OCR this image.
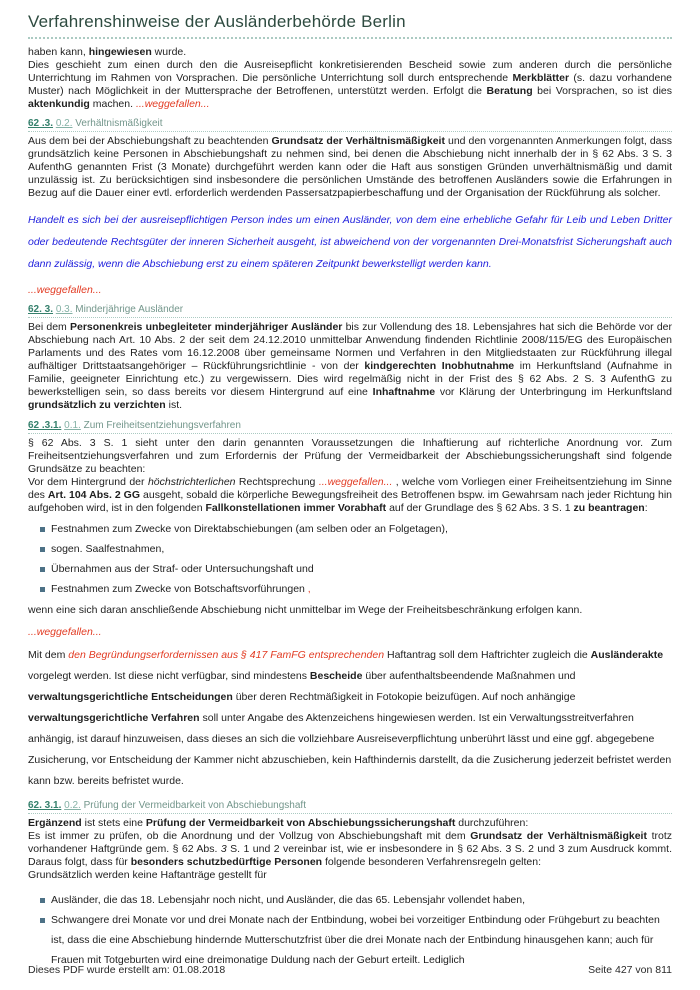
Verfahrenshinweise der Ausländerbehörde Berlin

haben kann, hingewiesen wurde.

Dies geschieht zum einen durch den die Ausreisepflicht konkretisierenden Bescheid sowie zum anderen durch die persönliche Unterrichtung im Rahmen von Vorsprachen. Die persönliche Unterrichtung soll durch entsprechende Merkblätter (s. dazu vorhandene Muster) nach Möglichkeit in der Muttersprache der Betroffenen, unterstützt werden. Erfolgt die Beratung bei Vorsprachen, so ist dies aktenkundig machen. ...weggefallen...

62 .3. 0.2. Verhältnismäßigkeit

Aus dem bei der Abschiebungshaft zu beachtenden Grundsatz der Verhältnismäßigkeit und den vorgenannten Anmerkungen folgt, dass grundsätzlich keine Personen in Abschiebungshaft zu nehmen sind, bei denen die Abschiebung nicht innerhalb der in § 62 Abs. 3 S. 3 AufenthG genannten Frist (3 Monate) durchgeführt werden kann oder die Haft aus sonstigen Gründen unverhältnismäßig und damit unzulässig ist. Zu berücksichtigen sind insbesondere die persönlichen Umstände des betroffenen Ausländers sowie die Erfahrungen in Bezug auf die Dauer einer evtl. erforderlich werdenden Passersatzpapierbeschaffung und der Organisation der Rückführung als solcher.

Handelt es sich bei der ausreisepflichtigen Person indes um einen Ausländer, von dem eine erhebliche Gefahr für Leib und Leben Dritter oder bedeutende Rechtsgüter der inneren Sicherheit ausgeht, ist abweichend von der vorgenannten Drei-Monatsfrist Sicherungshaft auch dann zulässig, wenn die Abschiebung erst zu einem späteren Zeitpunkt bewerkstelligt werden kann.

...weggefallen...

62. 3. 0.3. Minderjährige Ausländer

Bei dem Personenkreis unbegleiteter minderjähriger Ausländer bis zur Vollendung des 18. Lebensjahres hat sich die Behörde vor der Abschiebung nach Art. 10 Abs. 2 der seit dem 24.12.2010 unmittelbar Anwendung findenden Richtlinie 2008/115/EG des Europäischen Parlaments und des Rates vom 16.12.2008 über gemeinsame Normen und Verfahren in den Mitgliedstaaten zur Rückführung illegal aufhältiger Drittstaatsangehöriger – Rückführungsrichtlinie - von der kindgerechten Inobhutnahme im Herkunftsland (Aufnahme in Familie, geeigneter Einrichtung etc.) zu vergewissern. Dies wird regelmäßig nicht in der Frist des § 62 Abs. 2 S. 3 AufenthG zu bewerkstelligen sein, so dass bereits vor diesem Hintergrund auf eine Inhaftnahme vor Klärung der Unterbringung im Herkunftsland grundsätzlich zu verzichten ist.

62 .3.1. 0.1. Zum Freiheitsentziehungsverfahren

§ 62 Abs. 3 S. 1 sieht unter den darin genannten Voraussetzungen die Inhaftierung auf richterliche Anordnung vor. Zum Freiheitsentziehungsverfahren und zum Erfordernis der Prüfung der Vermeidbarkeit der Abschiebungssicherungshaft sind folgende Grundsätze zu beachten:

Vor dem Hintergrund der höchstrichterlichen Rechtsprechung ...weggefallen... , welche vom Vorliegen einer Freiheitsentziehung im Sinne des Art. 104 Abs. 2 GG ausgeht, sobald die körperliche Bewegungsfreiheit des Betroffenen bspw. im Gewahrsam nach jeder Richtung hin aufgehoben wird, ist in den folgenden Fallkonstellationen immer Vorabhaft auf der Grundlage des § 62 Abs. 3 S. 1 zu beantragen:

Festnahmen zum Zwecke von Direktabschiebungen (am selben oder an Folgetagen),
sogen. Saalfestnahmen,
Übernahmen aus der Straf- oder Untersuchungshaft und
Festnahmen zum Zwecke von Botschaftsvorführungen ,

wenn eine sich daran anschließende Abschiebung nicht unmittelbar im Wege der Freiheitsbeschränkung erfolgen kann.

...weggefallen...

Mit dem den Begründungserfordernissen aus § 417 FamFG entsprechenden Haftantrag soll dem Haftrichter zugleich die Ausländerakte vorgelegt werden. Ist diese nicht verfügbar, sind mindestens Bescheide über aufenthaltsbeendende Maßnahmen und verwaltungsgerichtliche Entscheidungen über deren Rechtmäßigkeit in Fotokopie beizufügen. Auf noch anhängige verwaltungsgerichtliche Verfahren soll unter Angabe des Aktenzeichens hingewiesen werden. Ist ein Verwaltungsstreitverfahren anhängig, ist darauf hinzuweisen, dass dieses an sich die vollziehbare Ausreiseverpflichtung unberührt lässt und eine ggf. abgegebene Zusicherung, vor Entscheidung der Kammer nicht abzuschieben, kein Hafthindernis darstellt, da die Zusicherung jederzeit befristet werden kann bzw. bereits befristet wurde.

62. 3.1. 0.2. Prüfung der Vermeidbarkeit von Abschiebungshaft

Ergänzend ist stets eine Prüfung der Vermeidbarkeit von Abschiebungssicherungshaft durchzuführen:

Es ist immer zu prüfen, ob die Anordnung und der Vollzug von Abschiebungshaft mit dem Grundsatz der Verhältnismäßigkeit trotz vorhandener Haftgründe gem. § 62 Abs. 3 S. 1 und 2 vereinbar ist, wie er insbesondere in § 62 Abs. 3 S. 2 und 3 zum Ausdruck kommt. Daraus folgt, dass für besonders schutzbedürftige Personen folgende besonderen Verfahrensregeln gelten:

Grundsätzlich werden keine Haftanträge gestellt für

Ausländer, die das 18. Lebensjahr noch nicht, und Ausländer, die das 65. Lebensjahr vollendet haben,
Schwangere drei Monate vor und drei Monate nach der Entbindung, wobei bei vorzeitiger Entbindung oder Frühgeburt zu beachten ist, dass die eine Abschiebung hindernde Mutterschutzfrist über die drei Monate nach der Entbindung hinausgehen kann; auch für Frauen mit Totgeburten wird eine dreimonatige Duldung nach der Geburt erteilt. Lediglich
Dieses PDF wurde erstellt am: 01.08.2018	Seite 427 von 811
